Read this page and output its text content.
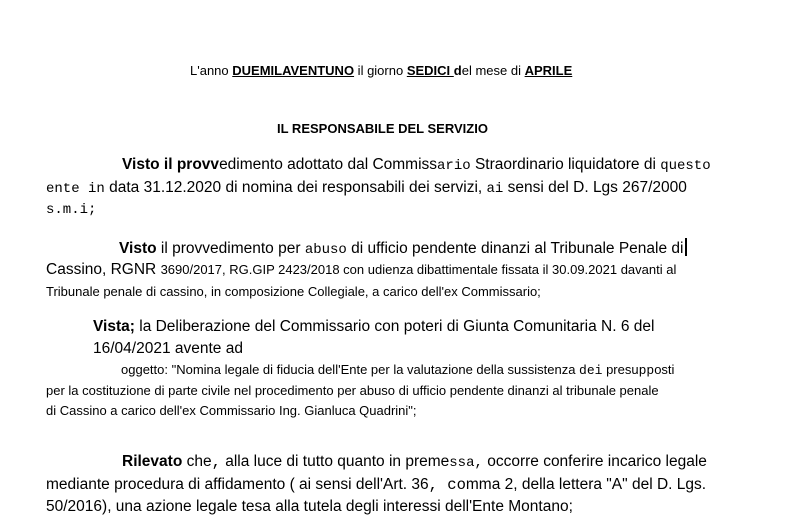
L'anno DUEMILAVENTUNO il giorno SEDICI del mese di APRILE
IL RESPONSABILE DEL SERVIZIO
Visto il provvedimento adottato dal Commissario Straordinario liquidatore di questo
ente in data 31.12.2020 di nomina dei responsabili dei servizi, ai sensi del D. Lgs 267/2000
s.m.i;
Visto il provvedimento per abuso di ufficio pendente dinanzi al Tribunale Penale di
Cassino, RGNR 3690/2017, RG.GIP 2423/2018 con udienza dibattimentale fissata il 30.09.2021 davanti al
Tribunale penale di cassino, in composizione Collegiale, a carico dell'ex Commissario;
Vista; la Deliberazione del Commissario con poteri di Giunta Comunitaria N. 6 del
16/04/2021 avente ad
oggetto: "Nomina legale di fiducia dell'Ente per la valutazione della sussistenza dei presupposti
per la costituzione di parte civile nel procedimento per abuso di ufficio pendente dinanzi al tribunale penale
di Cassino a carico dell'ex Commissario Ing. Gianluca Quadrini";
Rilevato che, alla luce di tutto quanto in premessa, occorre conferire incarico legale
mediante procedura di affidamento ( ai sensi dell'Art. 36, comma 2, della lettera "A" del D. Lgs.
50/2016), una azione legale tesa alla tutela degli interessi dell'Ente Montano;
